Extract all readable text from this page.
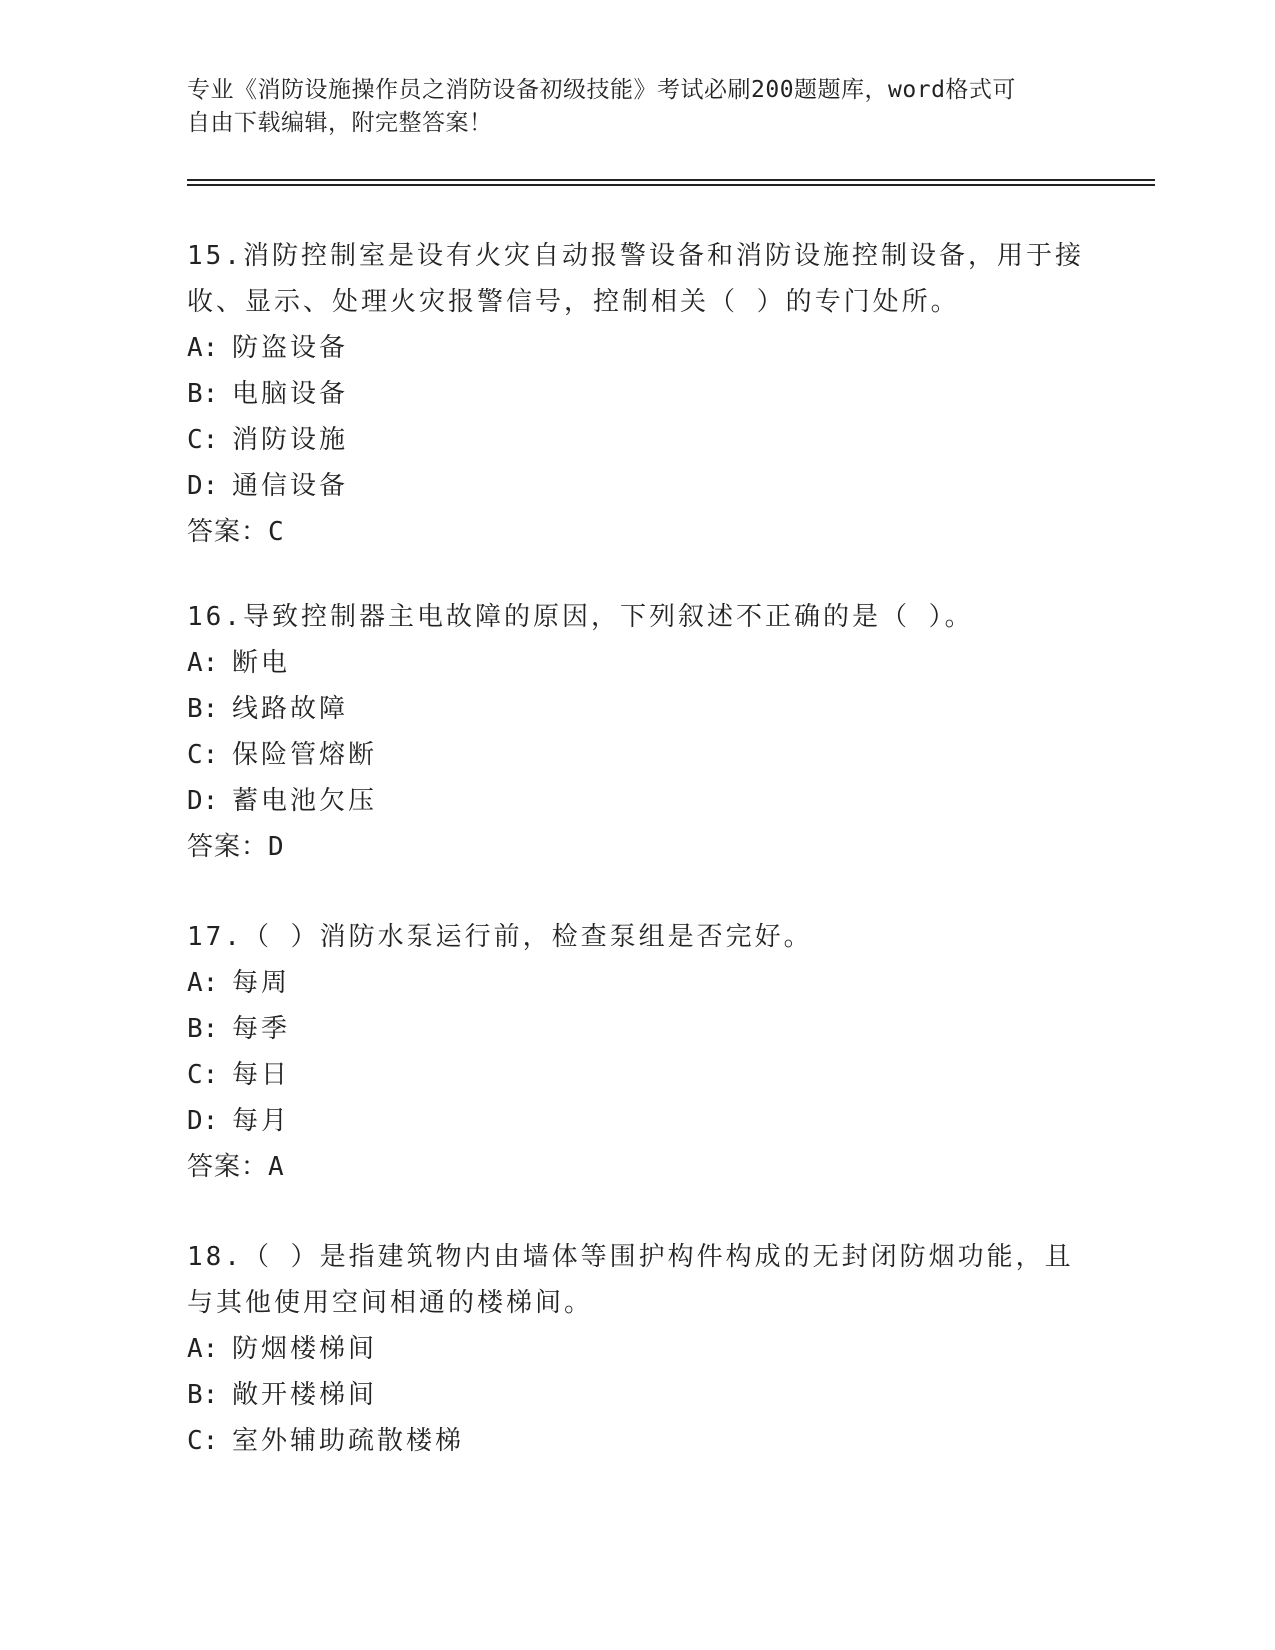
专业《消防设施操作员之消防设备初级技能》考试必刷200题题库，word格式可
自由下载编辑，附完整答案！
15.消防控制室是设有火灾自动报警设备和消防设施控制设备，用于接
收、显示、处理火灾报警信号，控制相关（ ）的专门处所。
A: 防盗设备
B: 电脑设备
C: 消防设施
D: 通信设备
答案：C
16.导致控制器主电故障的原因，下列叙述不正确的是（ ）。
A: 断电
B: 线路故障
C: 保险管熔断
D: 蓄电池欠压
答案：D
17.（ ）消防水泵运行前，检查泵组是否完好。
A: 每周
B: 每季
C: 每日
D: 每月
答案：A
18.（ ）是指建筑物内由墙体等围护构件构成的无封闭防烟功能，且
与其他使用空间相通的楼梯间。
A: 防烟楼梯间
B: 敞开楼梯间
C: 室外辅助疏散楼梯
